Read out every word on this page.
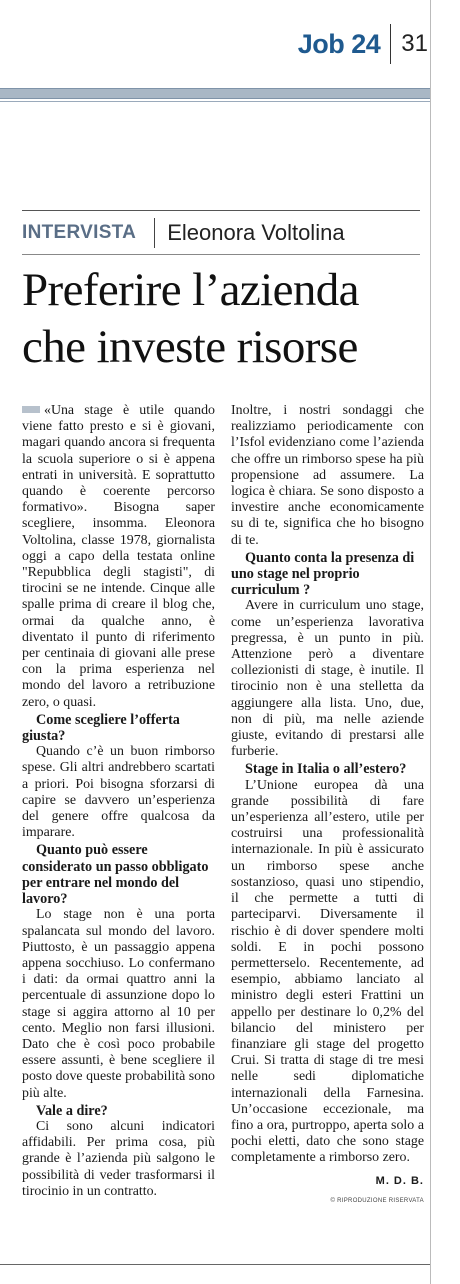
Job 24 31
INTERVISTA Eleonora Voltolina
Preferire l’azienda che investe risorse

«Una stage è utile quando viene fatto presto e si è giovani, magari quando ancora si frequenta la scuola superiore o si è appena entrati in università. E soprattutto quando è coerente percorso formativo». Bisogna saper scegliere, insomma. Eleonora Voltolina, classe 1978, giornalista oggi a capo della testata online "Repubblica degli stagisti", di tirocini se ne intende. Cinque alle spalle prima di creare il blog che, ormai da qualche anno, è diventato il punto di riferimento per centinaia di giovani alle prese con la prima esperienza nel mondo del lavoro a retribuzione zero, o quasi.

Come scegliere l’offerta giusta?

Quando c’è un buon rimborso spese. Gli altri andrebbero scartati a priori. Poi bisogna sforzarsi di capire se davvero un’esperienza del genere offre qualcosa da imparare.

Quanto può essere considerato un passo obbligato per entrare nel mondo del lavoro?

Lo stage non è una porta spalancata sul mondo del lavoro. Piuttosto, è un passaggio appena appena socchiuso. Lo confermano i dati: da ormai quattro anni la percentuale di assunzione dopo lo stage si aggira attorno al 10 per cento. Meglio non farsi illusioni. Dato che è così poco probabile essere assunti, è bene scegliere il posto dove queste probabilità sono più alte.

Vale a dire?

Ci sono alcuni indicatori affidabili. Per prima cosa, più grande è l’azienda più salgono le possibilità di veder trasformarsi il tirocinio in un contratto.

Inoltre, i nostri sondaggi che realizziamo periodicamente con l’Isfol evidenziano come l’azienda che offre un rimborso spese ha più propensione ad assumere. La logica è chiara. Se sono disposto a investire anche economicamente su di te, significa che ho bisogno di te.

Quanto conta la presenza di uno stage nel proprio curriculum ?

Avere in curriculum uno stage, come un’esperienza lavorativa pregressa, è un punto in più. Attenzione però a diventare collezionisti di stage, è inutile. Il tirocinio non è una stelletta da aggiungere alla lista. Uno, due, non di più, ma nelle aziende giuste, evitando di prestarsi alle furberie.

Stage in Italia o all’estero?

L’Unione europea dà una grande possibilità di fare un’esperienza all’estero, utile per costruirsi una professionalità internazionale. In più è assicurato un rimborso spese anche sostanzioso, quasi uno stipendio, il che permette a tutti di parteciparvi. Diversamente il rischio è di dover spendere molti soldi. E in pochi possono permetterselo. Recentemente, ad esempio, abbiamo lanciato al ministro degli esteri Frattini un appello per destinare lo 0,2% del bilancio del ministero per finanziare gli stage del progetto Crui. Si tratta di stage di tre mesi nelle sedi diplomatiche internazionali della Farnesina. Un’occasione eccezionale, ma fino a ora, purtroppo, aperta solo a pochi eletti, dato che sono stage completamente a rimborso zero.

M. D. B.
© RIPRODUZIONE RISERVATA
